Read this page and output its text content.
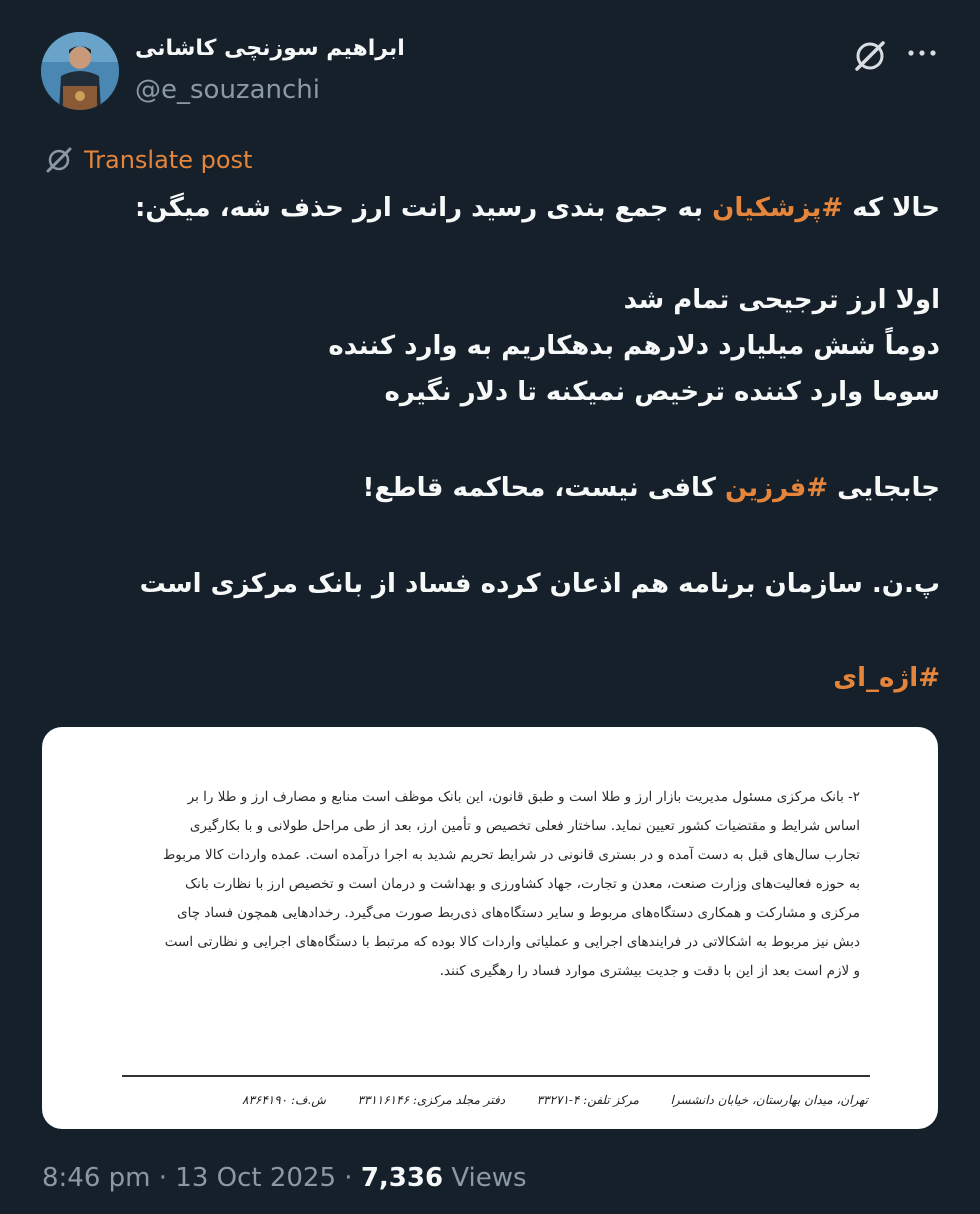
ابراهیم سوزنچی کاشانی
@e_souzanchi
Translate post
حالا که #پزشکیان به جمع بندی رسید رانت ارز حذف شه، میگن:
اولا ارز ترجیحی تمام شد
دوماً شش میلیارد دلارهم بدهکاریم به وارد کننده
سوما وارد کننده ترخیص نمیکنه تا دلار نگیره
جابجایی #فرزین کافی نیست، محاکمه قاطع!
پ.ن. سازمان برنامه هم اذعان کرده فساد از بانک مرکزی است
#اژه_ای
۲- بانک مرکزی مسئول مدیریت بازار ارز و طلا است و طبق قانون، این بانک موظف است منابع و مصارف ارز و طلا را بر
اساس شرایط و مقتضیات کشور تعیین نماید. ساختار فعلی تخصیص و تأمین ارز، بعد از طی مراحل طولانی و با بکارگیری
تجارب سال‌های قبل به دست آمده و در بستری قانونی در شرایط تحریم شدید به اجرا درآمده است. عمده واردات کالا مربوط
به حوزه فعالیت‌های وزارت صنعت، معدن و تجارت، جهاد کشاورزی و بهداشت و درمان است و تخصیص ارز با نظارت بانک
مرکزی و مشارکت و همکاری دستگاه‌های مربوط و سایر دستگاه‌های ذی‌ربط صورت می‌گیرد. رخدادهایی همچون فساد چای
دبش نیز مربوط به اشکالاتی در فرایندهای اجرایی و عملیاتی واردات کالا بوده که مرتبط با دستگاه‌های اجرایی و نظارتی است
و لازم است بعد از این با دقت و جدیت بیشتری موارد فساد را رهگیری کنند.
تهران، میدان بهارستان، خیابان دانشسرا
مرکز تلفن: ۴-۳۳۲۷۱
دفتر مجلد مرکزی: ۳۳۱۱۶۱۴۶
ش.ف: ۸۳۶۴۱۹۰
8:46 pm · 13 Oct 2025 · 7,336 Views
